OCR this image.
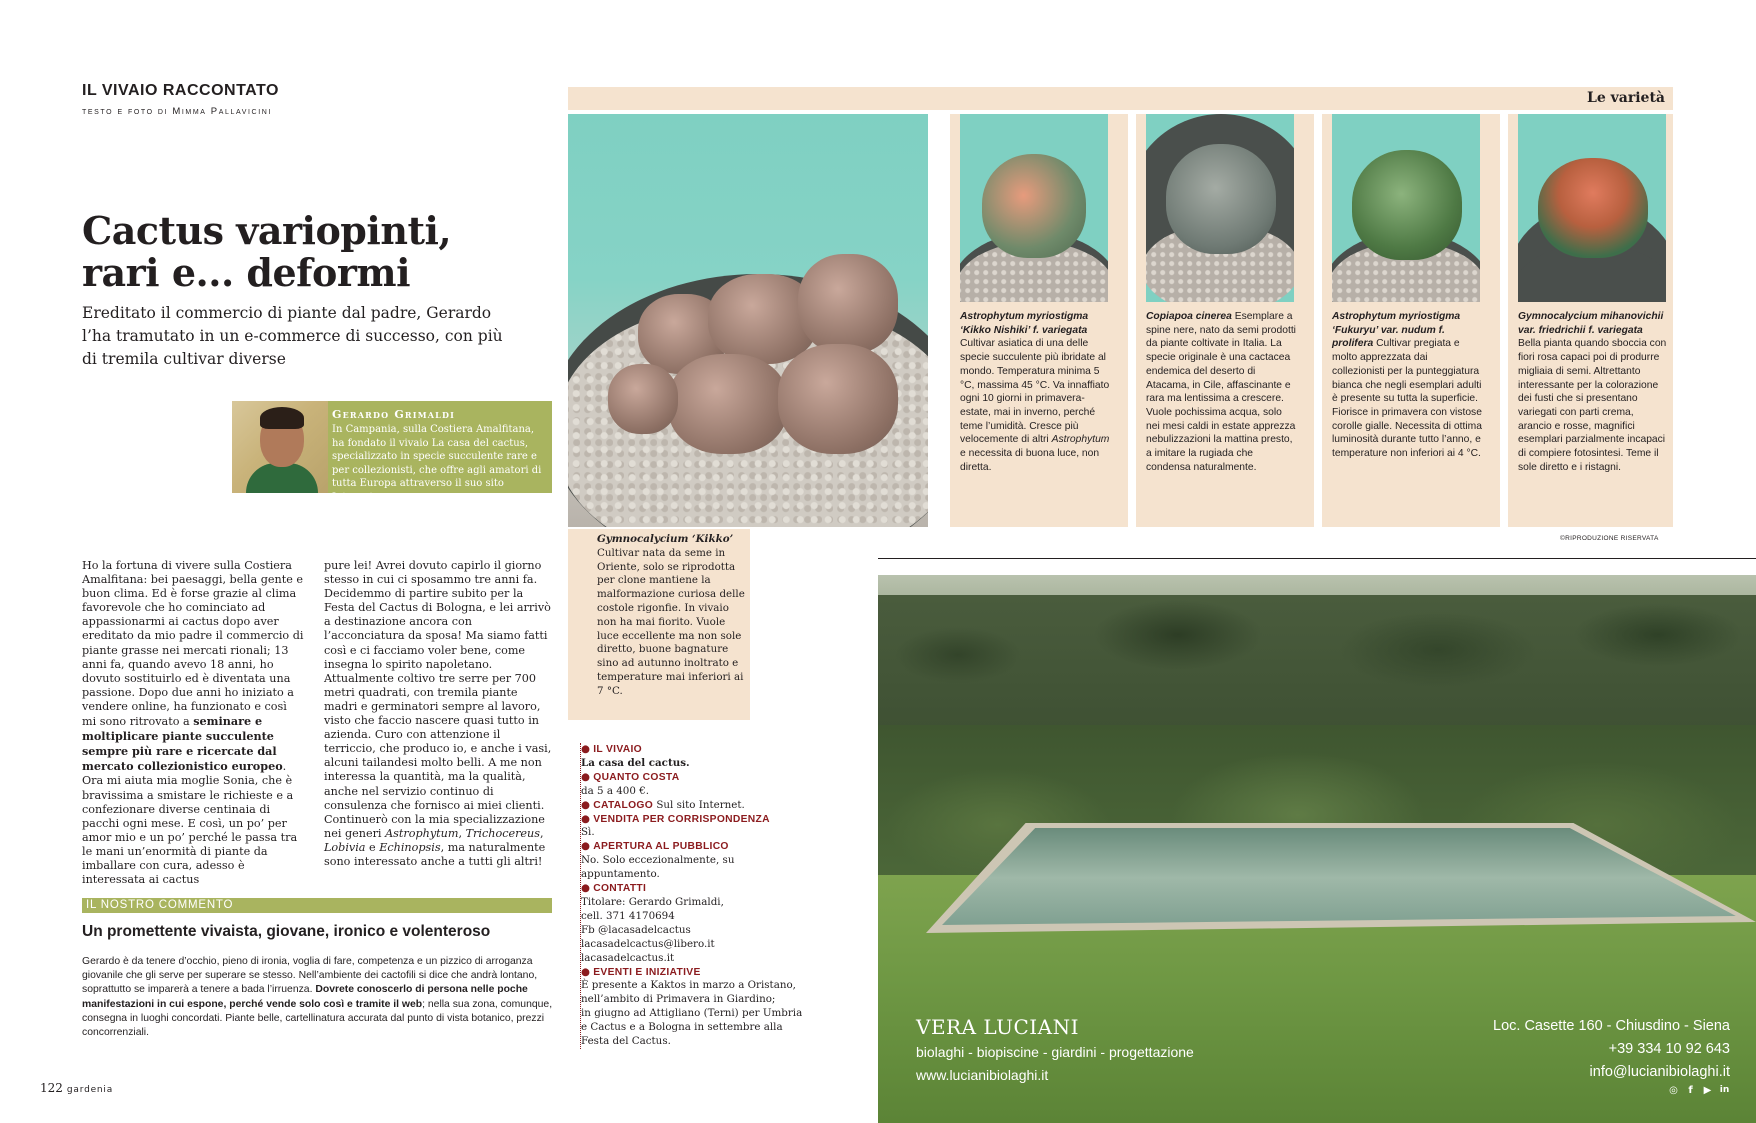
IL VIVAIO RACCONTATO
testo e foto di Mimma Pallavicini
Cactus variopinti,
rari e... deformi
Ereditato il commercio di piante dal padre, Gerardo l’ha tramutato in un e-commerce di successo, con più di tremila cultivar diverse
Gerardo Grimaldi
In Campania, sulla Costiera Amalfitana, ha fondato il vivaio La casa del cactus, specializzato in specie succulente rare e per collezionisti, che offre agli amatori di tutta Europa attraverso il suo sito Internet.
Ho la fortuna di vivere sulla Costiera Amalfitana: bei paesaggi, bella gente e buon clima. Ed è forse grazie al clima favorevole che ho cominciato ad appassionarmi ai cactus dopo aver ereditato da mio padre il commercio di piante grasse nei mercati rionali; 13 anni fa, quando avevo 18 anni, ho dovuto sostituirlo ed è diventata una passione. Dopo due anni ho iniziato a vendere online, ha funzionato e così mi sono ritrovato a seminare e moltiplicare piante succulente sempre più rare e ricercate dal mercato collezionistico europeo. Ora mi aiuta mia moglie Sonia, che è bravissima a smistare le richieste e a confezionare diverse centinaia di pacchi ogni mese. E così, un po’ per amor mio e un po’ perché le passa tra le mani un’enormità di piante da imballare con cura, adesso è interessata ai cactus
pure lei! Avrei dovuto capirlo il giorno stesso in cui ci sposammo tre anni fa. Decidemmo di partire subito per la Festa del Cactus di Bologna, e lei arrivò a destinazione ancora con l’acconciatura da sposa! Ma siamo fatti così e ci facciamo voler bene, come insegna lo spirito napoletano. Attualmente coltivo tre serre per 700 metri quadrati, con tremila piante madri e germinatori sempre al lavoro, visto che faccio nascere quasi tutto in azienda. Curo con attenzione il terriccio, che produco io, e anche i vasi, alcuni tailandesi molto belli. A me non interessa la quantità, ma la qualità, anche nel servizio continuo di consulenza che fornisco ai miei clienti. Continuerò con la mia specializzazione nei generi Astrophytum, Trichocereus, Lobivia e Echinopsis, ma naturalmente sono interessato anche a tutti gli altri!
IL NOSTRO COMMENTO
Un promettente vivaista, giovane, ironico e volenteroso
Gerardo è da tenere d’occhio, pieno di ironia, voglia di fare, competenza e un pizzico di arroganza giovanile che gli serve per superare se stesso. Nell’ambiente dei cactofili si dice che andrà lontano, soprattutto se imparerà a tenere a bada l’irruenza. Dovrete conoscerlo di persona nelle poche manifestazioni in cui espone, perché vende solo così e tramite il web; nella sua zona, comunque, consegna in luoghi concordati. Piante belle, cartellinatura accurata dal punto di vista botanico, prezzi concorrenziali.
122 gardenia
Le varietà
Gymnocalycium ‘Kikko’
Cultivar nata da seme in Oriente, solo se riprodotta per clone mantiene la malformazione curiosa delle costole rigonfie. In vivaio non ha mai fiorito. Vuole luce eccellente ma non sole diretto, buone bagnature sino ad autunno inoltrato e temperature mai inferiori ai 7 °C.
Astrophytum myriostigma ‘Kikko Nishiki’ f. variegata Cultivar asiatica di una delle specie succulente più ibridate al mondo. Temperatura minima 5 °C, massima 45 °C. Va innaffiato ogni 10 giorni in primavera-estate, mai in inverno, perché teme l’umidità. Cresce più velocemente di altri Astrophytum e necessita di buona luce, non diretta.
Copiapoa cinerea Esemplare a spine nere, nato da semi prodotti da piante coltivate in Italia. La specie originale è una cactacea endemica del deserto di Atacama, in Cile, affascinante e rara ma lentissima a crescere. Vuole pochissima acqua, solo nei mesi caldi in estate apprezza nebulizzazioni la mattina presto, a imitare la rugiada che condensa naturalmente.
Astrophytum myriostigma ‘Fukuryu’ var. nudum f. prolifera Cultivar pregiata e molto apprezzata dai collezionisti per la punteggiatura bianca che negli esemplari adulti è presente su tutta la superficie. Fiorisce in primavera con vistose corolle gialle. Necessita di ottima luminosità durante tutto l’anno, e temperature non inferiori ai 4 °C.
Gymnocalycium mihanovichii var. friedrichii f. variegata Bella pianta quando sboccia con fiori rosa capaci poi di produrre migliaia di semi. Altrettanto interessante per la colorazione dei fusti che si presentano variegati con parti crema, arancio e rosse, magnifici esemplari parzialmente incapaci di compiere fotosintesi. Teme il sole diretto e i ristagni.
©RIPRODUZIONE RISERVATA
● IL VIVAIO
La casa del cactus.
● QUANTO COSTA
da 5 a 400 €.
● CATALOGO Sul sito Internet.
● VENDITA PER CORRISPONDENZA
Sì.
● APERTURA AL PUBBLICO
No. Solo eccezionalmente, su
appuntamento.
● CONTATTI
Titolare: Gerardo Grimaldi,
cell. 371 4170694
Fb @lacasadelcactus
lacasadelcactus@libero.it
lacasadelcactus.it
● EVENTI E INIZIATIVE
È presente a Kaktos in marzo a Oristano,
nell’ambito di Primavera in Giardino;
in giugno ad Attigliano (Terni) per Umbria
e Cactus e a Bologna in settembre alla
Festa del Cactus.
VERA LUCIANI
biolaghi - biopiscine - giardini - progettazione
www.lucianibiolaghi.it
Loc. Casette 160 - Chiusdino - Siena
+39 334 10 92 643
info@lucianibiolaghi.it
◎	f	▶ in
